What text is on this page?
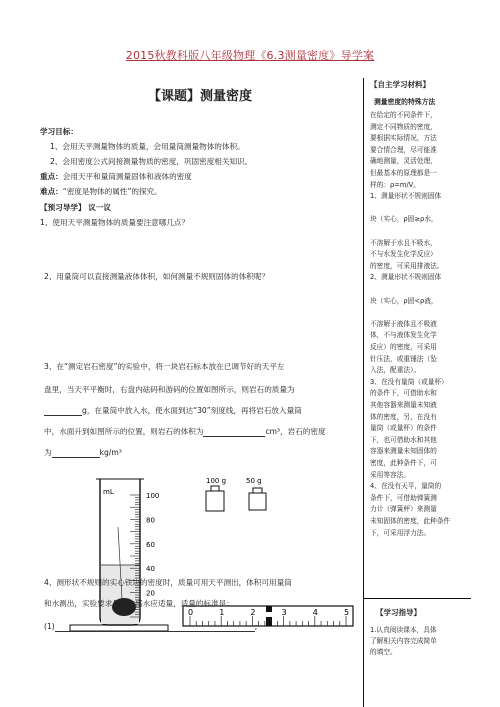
2015秋教科版八年级物理《6.3测量密度》导学案
【课题】测量密度
学习目标：
1、会用天平测量物体的质量，会用量筒测量物体的体积。
2、会用密度公式间接测量物质的密度，巩固密度相关知识。
重点：会用天平和量筒测量固体和液体的密度
难点：“密度是物体的属性”的探究。
【预习导学】 议一议
1、使用天平测量物体的质量要注意哪几点？
2、用量筒可以直接测量液体体积，如何测量不规则固体的体积呢？
3、在“测定岩石密度”的实验中，将一块岩石标本放在已调节好的天平左
盘里，当天平平衡时，右盘内砝码和游码的位置如图所示，则岩石的质量为
g，在量筒中放入水，使水面到达“30”刻度线，再将岩石放入量筒
中，水面升到如图所示的位置，则岩石的体积为	cm³，岩石的密度
为	kg/m³
mL	100
80
60
40
20
100 g	50 g
0	1	2	3	4	5
4、测形状不规则的实心铁块的密度时，质量可用天平测出，体积可用量筒
和水测出，实验要求量筒中盛水应适量，适量的标准是：
(1)	;
【自主学习材料】
测量密度的特殊方法
在给定的不同条件下，
测定不同物质的密度，
要根据实际情况，方法
要合情合理，尽可能准
确地测量，灵活处理，
但最基本的原理都是一
样的：ρ=m/V。
1、测量形状不规则固体
块（实心，ρ固≥ρ水，
不溶解于水且不吸水，
不与水发生化学反应）
的密度，可采用排液法。
2、测量形状不规则固体
块（实心，ρ固<ρ液，
不溶解于液体且不吸液
体，不与液体发生化学
反应）的密度，可采用
针压法，或重锤法（坠
入法，配重法）。
3、在没有量筒（或量杯）
的条件下，可借助水和
其他容器来测量未知液
体的密度，另，在没有
量筒（或量杯）的条件
下，也可借助水和其他
容器来测量未知固体的
密度，此种条件下，可
采用等容法。
4、在没有天平，量筒的
条件下，可借助弹簧测
力计（弹簧秤）来测量
未知固体的密度，此种条件
下，可采用浮力法。
【学习指导】
1.认真阅读课本，具体
了解相关内容完成简单
的填空。
